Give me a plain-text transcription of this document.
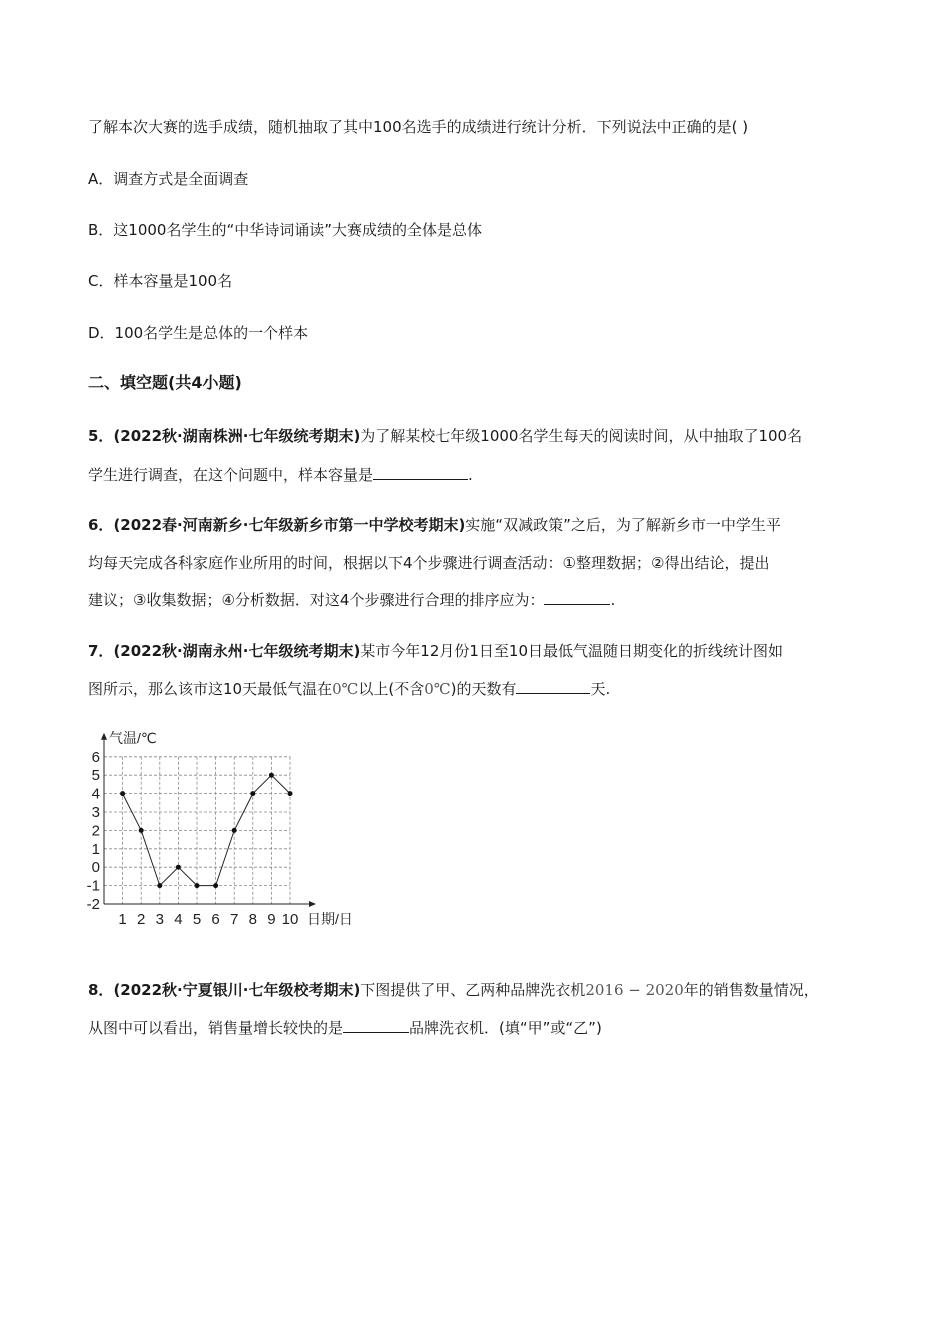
了解本次大赛的选手成绩，随机抽取了其中100名选手的成绩进行统计分析．下列说法中正确的是( )
A．调查方式是全面调查
B．这1000名学生的“中华诗词诵读”大赛成绩的全体是总体
C．样本容量是100名
D．100名学生是总体的一个样本
二、填空题(共4小题)
5．(2022秋·湖南株洲·七年级统考期末)为了解某校七年级1000名学生每天的阅读时间，从中抽取了100名
学生进行调查，在这个问题中，样本容量是	.
6．(2022春·河南新乡·七年级新乡市第一中学校考期末)实施“双减政策”之后，为了解新乡市一中学生平
均每天完成各科家庭作业所用的时间，根据以下4个步骤进行调查活动：①整理数据；②得出结论，提出
建议；③收集数据；④分析数据．对这4个步骤进行合理的排序应为：	.
7．(2022秋·湖南永州·七年级统考期末)某市今年12月份1日至10日最低气温随日期变化的折线统计图如
图所示，那么该市这10天最低气温在0℃以上(不含0℃)的天数有	天.
-2
-1
0
1
2
3
4
5
6
1 2 3 4 5 6 7 8 9 10
气温/℃
日期/日
8．(2022秋·宁夏银川·七年级校考期末)下图提供了甲、乙两种品牌洗衣机2016 − 2020年的销售数量情况，
从图中可以看出，销售量增长较快的是	品牌洗衣机．(填“甲”或“乙”)
